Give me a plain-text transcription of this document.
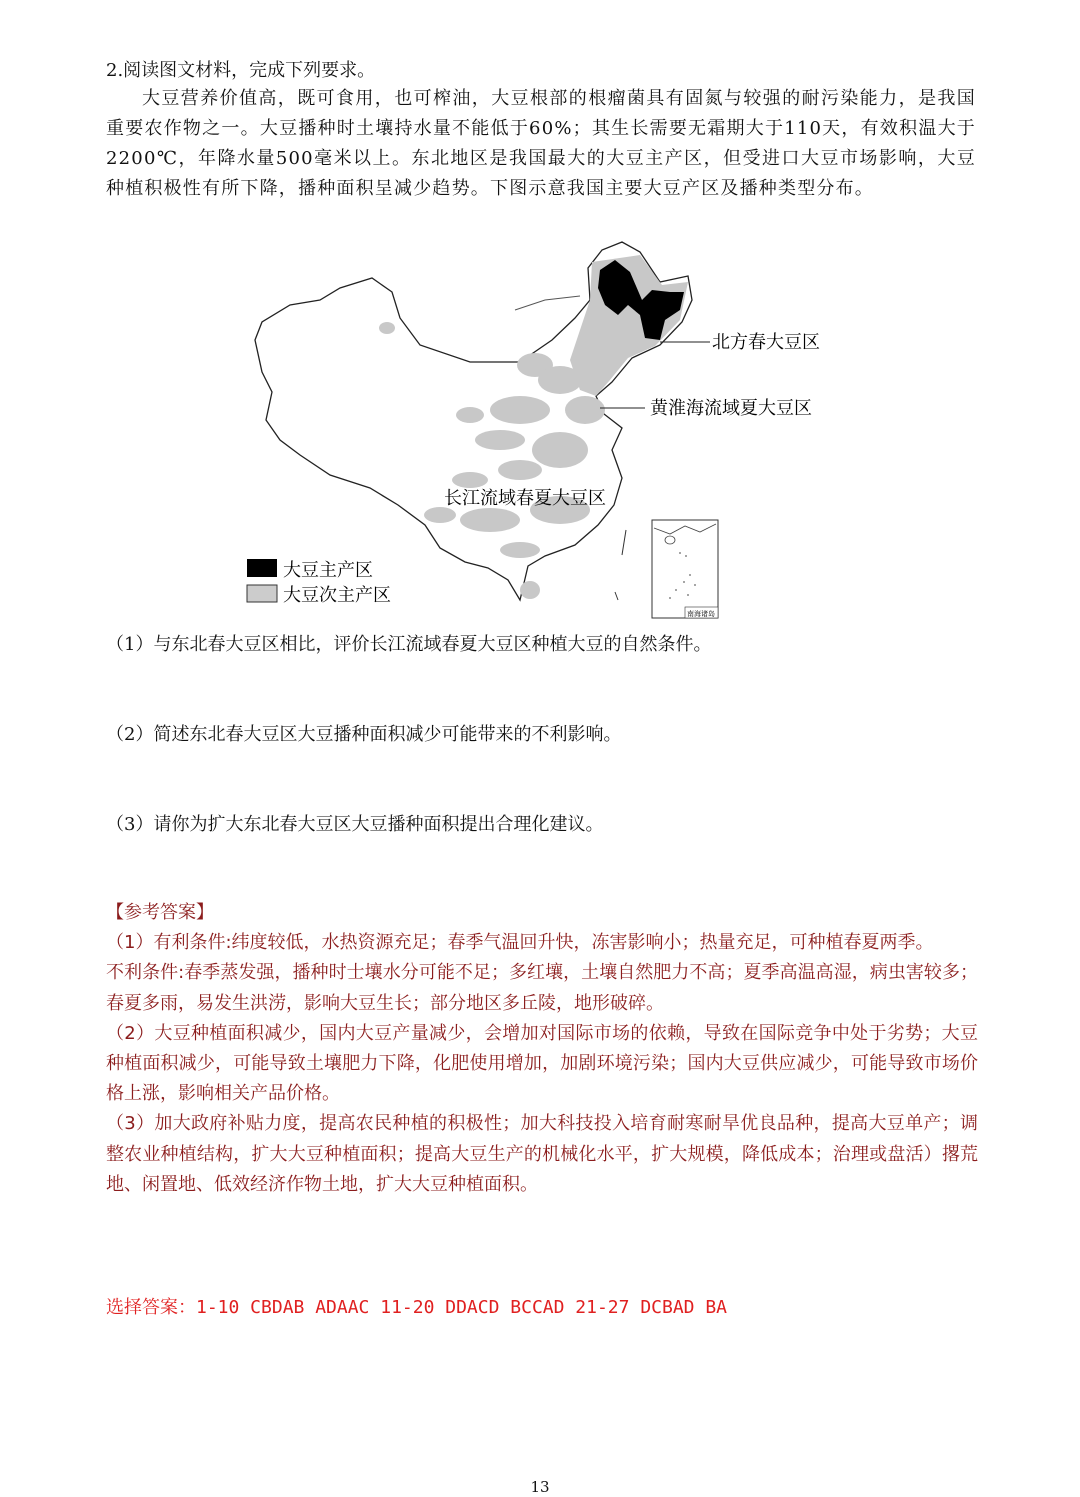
2.阅读图文材料，完成下列要求。
大豆营养价值高，既可食用，也可榨油，大豆根部的根瘤菌具有固氮与较强的耐污染能力，是我国重要农作物之一。大豆播种时土壤持水量不能低于60%；其生长需要无霜期大于110天，有效积温大于2200℃，年降水量500毫米以上。东北地区是我国最大的大豆主产区，但受进口大豆市场影响，大豆种植积极性有所下降，播种面积呈减少趋势。下图示意我国主要大豆产区及播种类型分布。
北方春大豆区
黄淮海流域夏大豆区
长江流域春夏大豆区
南海诸岛
大豆主产区
大豆次主产区
（1）与东北春大豆区相比，评价长江流域春夏大豆区种植大豆的自然条件。
（2）简述东北春大豆区大豆播种面积减少可能带来的不利影响。
（3）请你为扩大东北春大豆区大豆播种面积提出合理化建议。

【参考答案】

（1）有利条件:纬度较低，水热资源充足；春季气温回升快，冻害影响小；热量充足，可种植春夏两季。

不利条件:春季蒸发强，播种时士壤水分可能不足；多红壤，土壤自然肥力不高；夏季高温高湿，病虫害较多；春夏多雨，易发生洪涝，影响大豆生长；部分地区多丘陵，地形破碎。

（2）大豆种植面积减少，国内大豆产量减少，会增加对国际市场的依赖，导致在国际竞争中处于劣势；大豆种植面积减少，可能导致土壤肥力下降，化肥使用增加，加剧环境污染；国内大豆供应减少，可能导致市场价格上涨，影响相关产品价格。

（3）加大政府补贴力度，提高农民种植的积极性；加大科技投入培育耐寒耐旱优良品种，提高大豆单产；调整农业种植结构，扩大大豆种植面积；提高大豆生产的机械化水平，扩大规模，降低成本；治理或盘活）撂荒地、闲置地、低效经济作物土地，扩大大豆种植面积。

选择答案：1-10 CBDAB ADAAC 11-20 DDACD BCCAD 21-27 DCBAD BA
13
